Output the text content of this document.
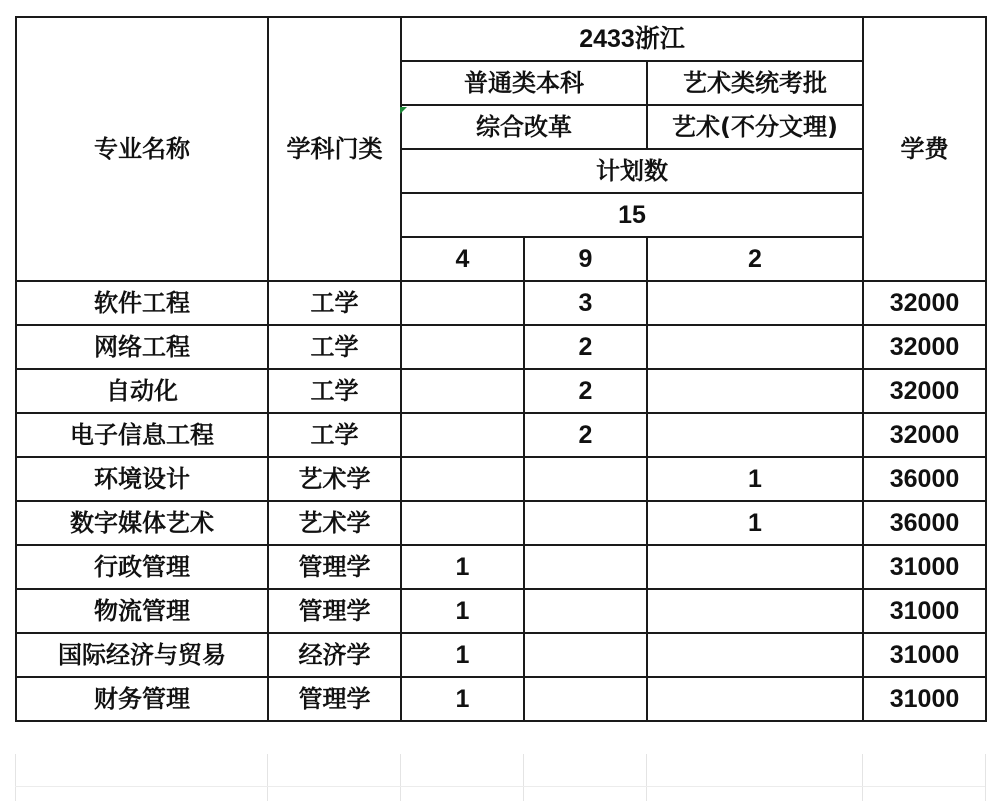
专业名称	学科门类	2433浙江			学费
		普通类本科		艺术类统考批	
		综合改革		艺术(不分文理)	
		计划数			
		15			
		4	9	2	
软件工程	工学		3		32000
网络工程	工学		2		32000
自动化	工学		2		32000
电子信息工程	工学		2		32000
环境设计	艺术学			1	36000
数字媒体艺术	艺术学			1	36000
行政管理	管理学	1			31000
物流管理	管理学	1			31000
国际经济与贸易	经济学	1			31000
财务管理	管理学	1			31000
